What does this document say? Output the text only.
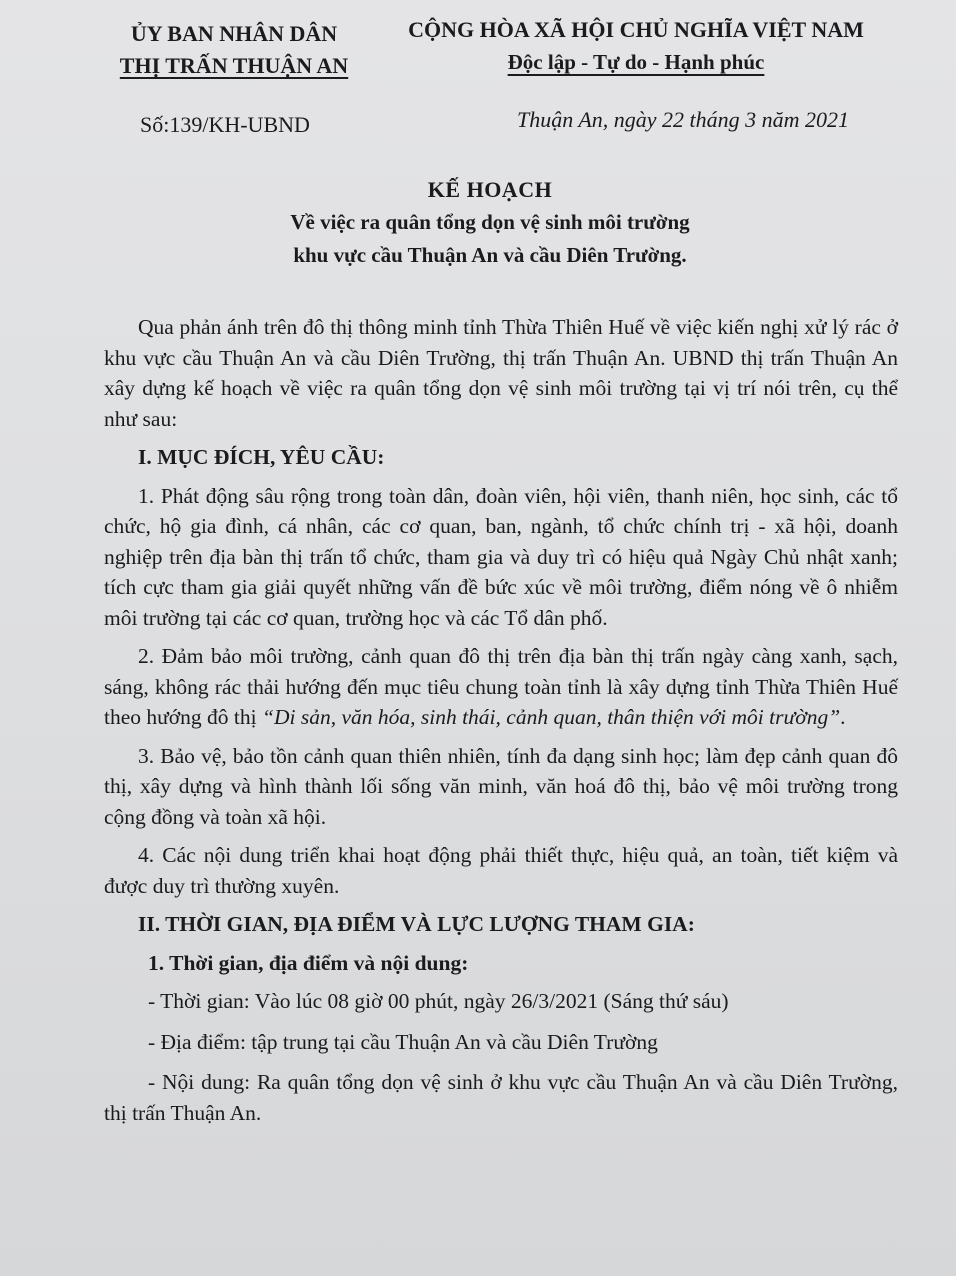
ỦY BAN NHÂN DÂN
THỊ TRẤN THUẬN AN
CỘNG HÒA XÃ HỘI CHỦ NGHĨA VIỆT NAM
Độc lập - Tự do - Hạnh phúc
Số:139/KH-UBND	Thuận An, ngày 22 tháng 3 năm 2021
KẾ HOẠCH
Về việc ra quân tổng dọn vệ sinh môi trường
khu vực cầu Thuận An và cầu Diên Trường.

Qua phản ánh trên đô thị thông minh tỉnh Thừa Thiên Huế về việc kiến nghị xử lý rác ở khu vực cầu Thuận An và cầu Diên Trường, thị trấn Thuận An. UBND thị trấn Thuận An xây dựng kế hoạch về việc ra quân tổng dọn vệ sinh môi trường tại vị trí nói trên, cụ thể như sau:

I. MỤC ĐÍCH, YÊU CẦU:

1. Phát động sâu rộng trong toàn dân, đoàn viên, hội viên, thanh niên, học sinh, các tổ chức, hộ gia đình, cá nhân, các cơ quan, ban, ngành, tổ chức chính trị - xã hội, doanh nghiệp trên địa bàn thị trấn tổ chức, tham gia và duy trì có hiệu quả Ngày Chủ nhật xanh; tích cực tham gia giải quyết những vấn đề bức xúc về môi trường, điểm nóng về ô nhiễm môi trường tại các cơ quan, trường học và các Tổ dân phố.

2. Đảm bảo môi trường, cảnh quan đô thị trên địa bàn thị trấn ngày càng xanh, sạch, sáng, không rác thải hướng đến mục tiêu chung toàn tỉnh là xây dựng tỉnh Thừa Thiên Huế theo hướng đô thị “Di sản, văn hóa, sinh thái, cảnh quan, thân thiện với môi trường”.

3. Bảo vệ, bảo tồn cảnh quan thiên nhiên, tính đa dạng sinh học; làm đẹp cảnh quan đô thị, xây dựng và hình thành lối sống văn minh, văn hoá đô thị, bảo vệ môi trường trong cộng đồng và toàn xã hội.

4. Các nội dung triển khai hoạt động phải thiết thực, hiệu quả, an toàn, tiết kiệm và được duy trì thường xuyên.

II. THỜI GIAN, ĐỊA ĐIỂM VÀ LỰC LƯỢNG THAM GIA:

1. Thời gian, địa điểm và nội dung:

- Thời gian: Vào lúc 08 giờ 00 phút, ngày 26/3/2021 (Sáng thứ sáu)

- Địa điểm: tập trung tại cầu Thuận An và cầu Diên Trường

- Nội dung: Ra quân tổng dọn vệ sinh ở khu vực cầu Thuận An và cầu Diên Trường, thị trấn Thuận An.
